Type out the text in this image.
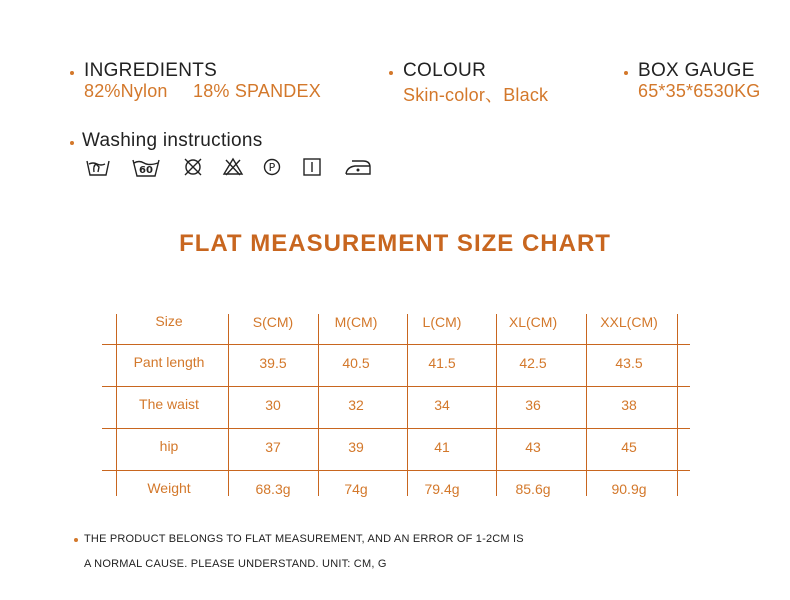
INGREDIENTS
82%Nylon 18% SPANDEX
COLOUR
Skin-color、Black
BOX GAUGE
65*35*6530KG
Washing instructions
60	P
FLAT MEASUREMENT SIZE CHART
Size	S(CM)	M(CM)	L(CM)	XL(CM)	XXL(CM)
Pant length	39.5	40.5	41.5	42.5	43.5
The waist	30	32	34	36	38
hip	37	39	41	43	45
Weight	68.3g	74g	79.4g	85.6g	90.9g
THE PRODUCT BELONGS TO FLAT MEASUREMENT, AND AN ERROR OF 1-2CM IS
A NORMAL CAUSE. PLEASE UNDERSTAND. UNIT: CM, G
